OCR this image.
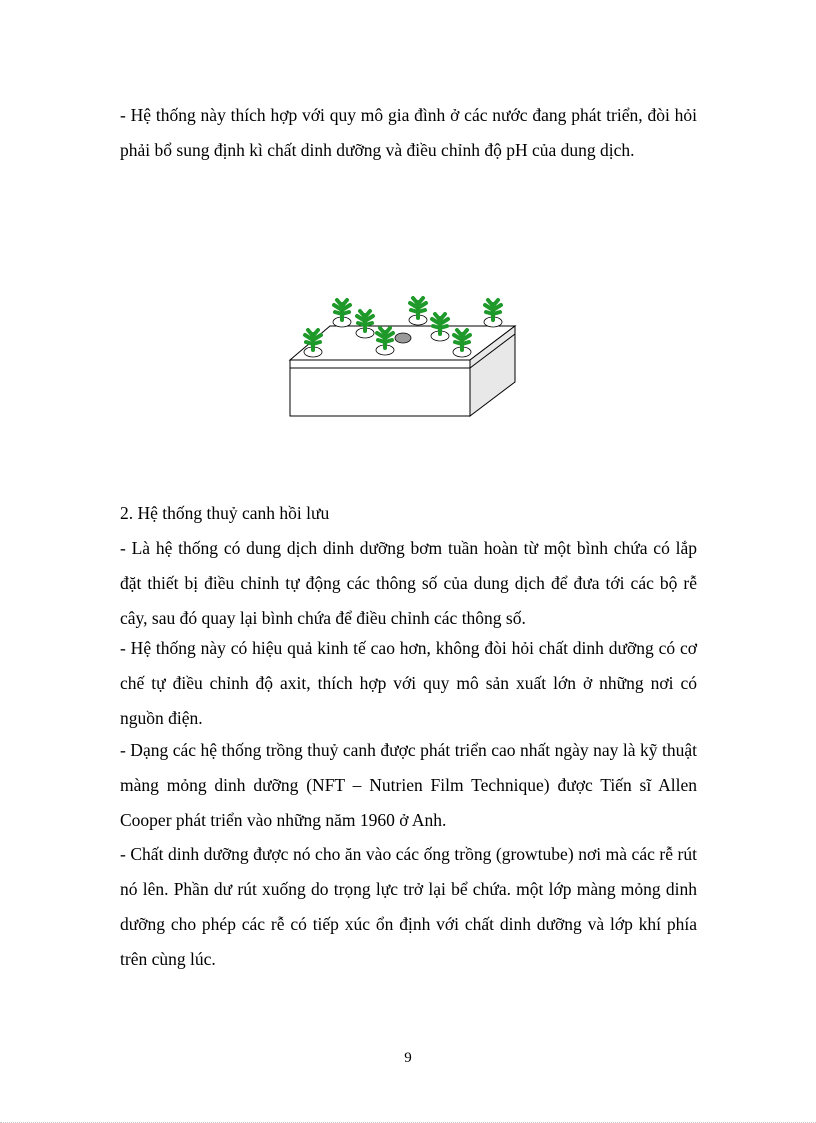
- Hệ thống này thích hợp với quy mô gia đình ở các nước đang phát triển, đòi hỏi phải bổ sung định kì chất dinh dưỡng và điều chỉnh độ pH của dung dịch.
2. Hệ thống thuỷ canh hồi lưu
- Là hệ thống có dung dịch dinh dưỡng bơm tuần hoàn từ một bình chứa có lắp đặt thiết bị điều chỉnh tự động các thông số của dung dịch để đưa tới các bộ rễ cây, sau đó quay lại bình chứa để điều chỉnh các thông số.
- Hệ thống này có hiệu quả kinh tế cao hơn, không đòi hỏi chất dinh dưỡng có cơ chế tự điều chỉnh độ axit, thích hợp với quy mô sản xuất lớn ở những nơi có nguồn điện.
- Dạng các hệ thống trồng thuỷ canh được phát triển cao nhất ngày nay là kỹ thuật màng mỏng dinh dưỡng (NFT – Nutrien Film Technique) được Tiến sĩ Allen Cooper phát triển vào những năm 1960 ở Anh.
- Chất dinh dưỡng được nó cho ăn vào các ống trồng (growtube) nơi mà các rễ rút nó lên. Phần dư rút xuống do trọng lực trở lại bể chứa. một lớp màng mỏng dinh dưỡng cho phép các rễ có tiếp xúc ổn định với chất dinh dưỡng và lớp khí phía trên cùng lúc.
9
